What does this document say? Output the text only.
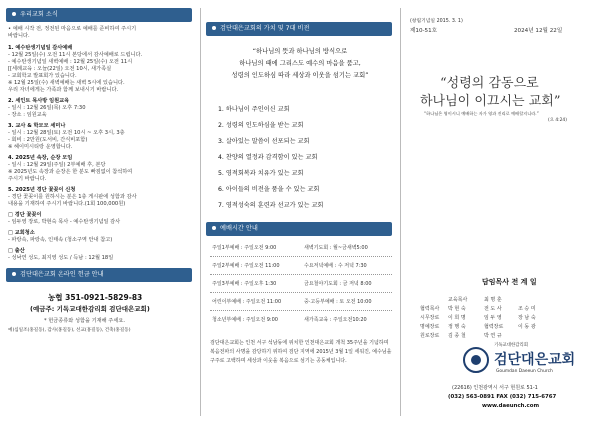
우리교회 소식
• 예배 시작 전, 정전된 마음으로 예배를 준비하여 주시기
바랍니다.
1. 예수탄생기념일 감사예배
- 12월 25일(수) 오전 11시 본당에서 감사예배로 드립니다.
- 예수탄생기념일 새벽예배 : 12월 25일(수) 오전 11시
[[세례교육 : 오늘(22일) 오전 10시, 새가족실
- 교회학교 발표회가 있습니다.
※ 12월 25일(수) 새벽예배는 새벽 5시에 있습니다.
우리 자녀에게는 가족과 함께 보내시기 바랍니다.
2. 세인트 목사방 임원교육
- 일시 : 12월 26일(목) 오후 7:30
- 장소 : 임원교육
3. 교사 & 학모모 세미나
- 일시 : 12월 28일(토) 오전 10시 ~ 오후 3시, 3층
- 회비 : 2만원(도서비, 간식비포함)
※ 헤이미시티랑 운영합니다.
4. 2025년 속장, 순장 모임
- 일시 : 12월 29일(주일) 2부예배 후, 본당
※ 2025년도 속장과 순장은 한 분도 빠짐없이 참석하여
주시기 바랍니다.
5. 2025년 경단 꽃꽂이 신청
- 경단 꽃꽂이를 원하시는 분은 1층 게시판에 성함과 감사
내용을 기재하여 주시기 바랍니다.(1회 100,000원)
□ 경단 꽃꽂이
- 임두영 장로, 박현숙 목사 - 예수탄생기념일 감사
□ 교회청소
- 파랑속, 파랑속, 인태속 (청소구역 안내 참고)
□ 출산
- 성낙연 성도, 최지영 성도 / 득남 : 12월 18일
검단대은교회 온라인 헌금 안내
농협 351-0921-5829-83
(예금주: 기독교대한감리회 검단대은교회)
* 헌금종류와 성함을 기재해 주세요.
예)십일조(홍길동), 감사(홍길동), 선교(홍길동), 건축(홍길동)
검단대은교회의 가치 및 7대 비전
“하나님의 뜻과 하나님의 방식으로
하나님의 때에 그리스도 예수의 마음을 품고,
성령의 인도하심 따라 세상과 이웃을 섬기는 교회”
1. 하나님이 주인이신 교회
2. 성령의 인도하심을 받는 교회
3. 살아있는 말씀이 선포되는 교회
4. 찬양의 열정과 감격함이 있는 교회
5. 영적회복과 치유가 있는 교회
6. 아이들의 비전을 품을 수 있는 교회
7. 영적성숙의 훈련과 선교가 있는 교회
예배시간 안내
주일1부예배 : 주일오전 9:00	새벽기도회 : 월~금새벽5:00
주일2부예배 : 주일오전 11:00	수요저녁예배 : 수 저녁 7:30
주일3부예배 : 주일오후 1:30	금요철야기도회 : 금 저녁 8:00
어린이부예배 : 주일오전 11:00	중·고등부예배 : 토 오전 10:00
청소년부예배 : 주일오전 9:00	새가족교육 : 주일오전10:20
검단대은교회는 인천 서구 석남동에 위치한 인천대은교회 개척 35주년을 기념하며 복음전파의 사명을 감당하기 위하여 검단 지역에 2015년 3월 1일 세워진, 예수님을 구주로 고백하며 세상과 이웃을 복음으로 섬기는 공동체입니다.
(창립기념일 2015. 3. 1)
제10-51호	2024년 12월 22일
“성령의 감동으로
하나님이 이끄시는 교회”
“하나님은 영이시니 예배하는 자가 영과 진리로 예배할지니라.”
(요 4:24)
담임목사 전 계 일
교육목사	최 명 훈
협력목사 박 현 숙	전 도 사	조 승 미
시무장로 이 희 명	임 두 영	장 남 숙
명예장로 정 행 숙	협력장로	이 동 광
원로장로 김 종 철	박 연 규
기독교대한감리회
검단대은교회
Goumdan Daeeun Church
(22616) 인천광역시 서구 현원로 51-1
(032) 563-0891 FAX (032) 715-6767
www.daeunch.com
